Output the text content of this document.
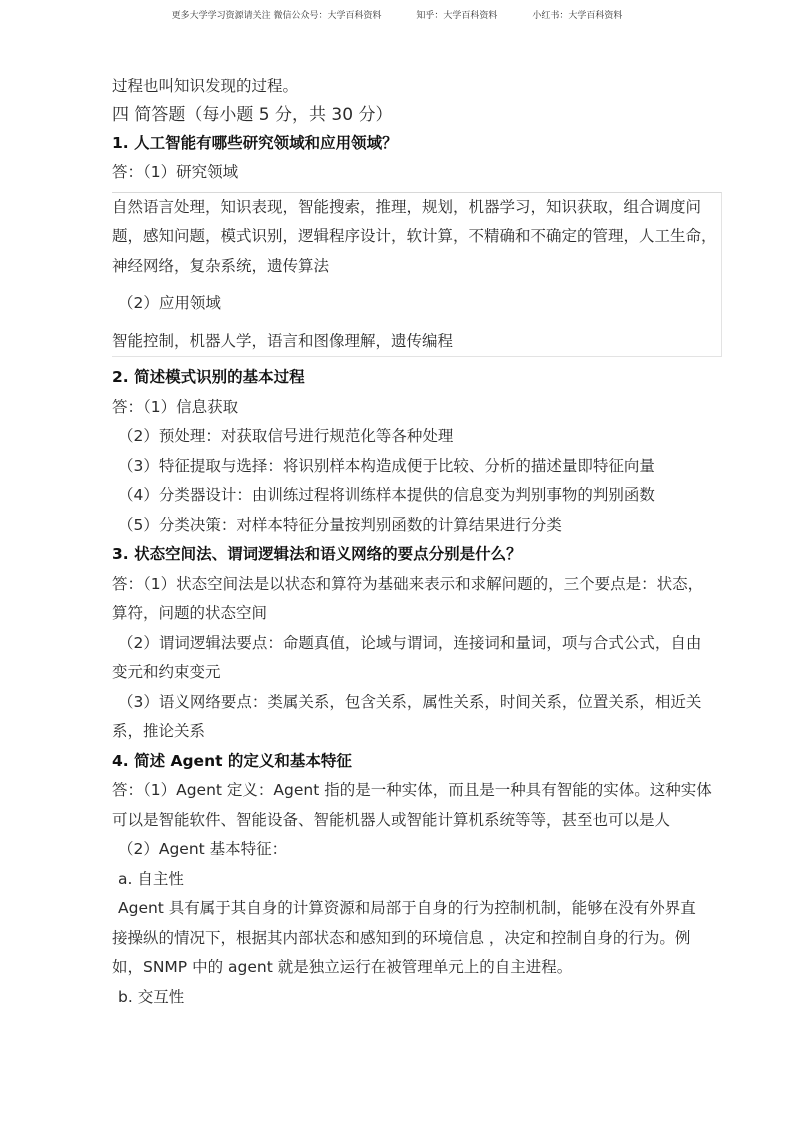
更多大学学习资源请关注 微信公众号：大学百科资料	知乎：大学百科资料	小红书：大学百科资料
过程也叫知识发现的过程。
四 简答题（每小题 5 分，共 30 分）
1. 人工智能有哪些研究领域和应用领域？
答：（1）研究领域
自然语言处理，知识表现，智能搜索，推理，规划，机器学习，知识获取，组合调度问
题，感知问题，模式识别，逻辑程序设计，软计算，不精确和不确定的管理，人工生命，
神经网络，复杂系统，遗传算法
（2）应用领域
智能控制，机器人学，语言和图像理解，遗传编程
2. 简述模式识别的基本过程
答：（1）信息获取
（2）预处理：对获取信号进行规范化等各种处理
（3）特征提取与选择：将识别样本构造成便于比较、分析的描述量即特征向量
（4）分类器设计：由训练过程将训练样本提供的信息变为判别事物的判别函数
（5）分类决策：对样本特征分量按判别函数的计算结果进行分类
3. 状态空间法、谓词逻辑法和语义网络的要点分别是什么？
答：（1）状态空间法是以状态和算符为基础来表示和求解问题的，三个要点是：状态，
算符，问题的状态空间
（2）谓词逻辑法要点：命题真值，论域与谓词，连接词和量词，项与合式公式，自由
变元和约束变元
（3）语义网络要点：类属关系，包含关系，属性关系，时间关系，位置关系，相近关
系，推论关系
4. 简述 Agent 的定义和基本特征
答：（1）Agent 定义：Agent 指的是一种实体，而且是一种具有智能的实体。这种实体
可以是智能软件、智能设备、智能机器人或智能计算机系统等等，甚至也可以是人
（2）Agent 基本特征：
a. 自主性
Agent 具有属于其自身的计算资源和局部于自身的行为控制机制，能够在没有外界直
接操纵的情况下，根据其内部状态和感知到的环境信息 ，决定和控制自身的行为。例
如，SNMP 中的 agent 就是独立运行在被管理单元上的自主进程。
b. 交互性
